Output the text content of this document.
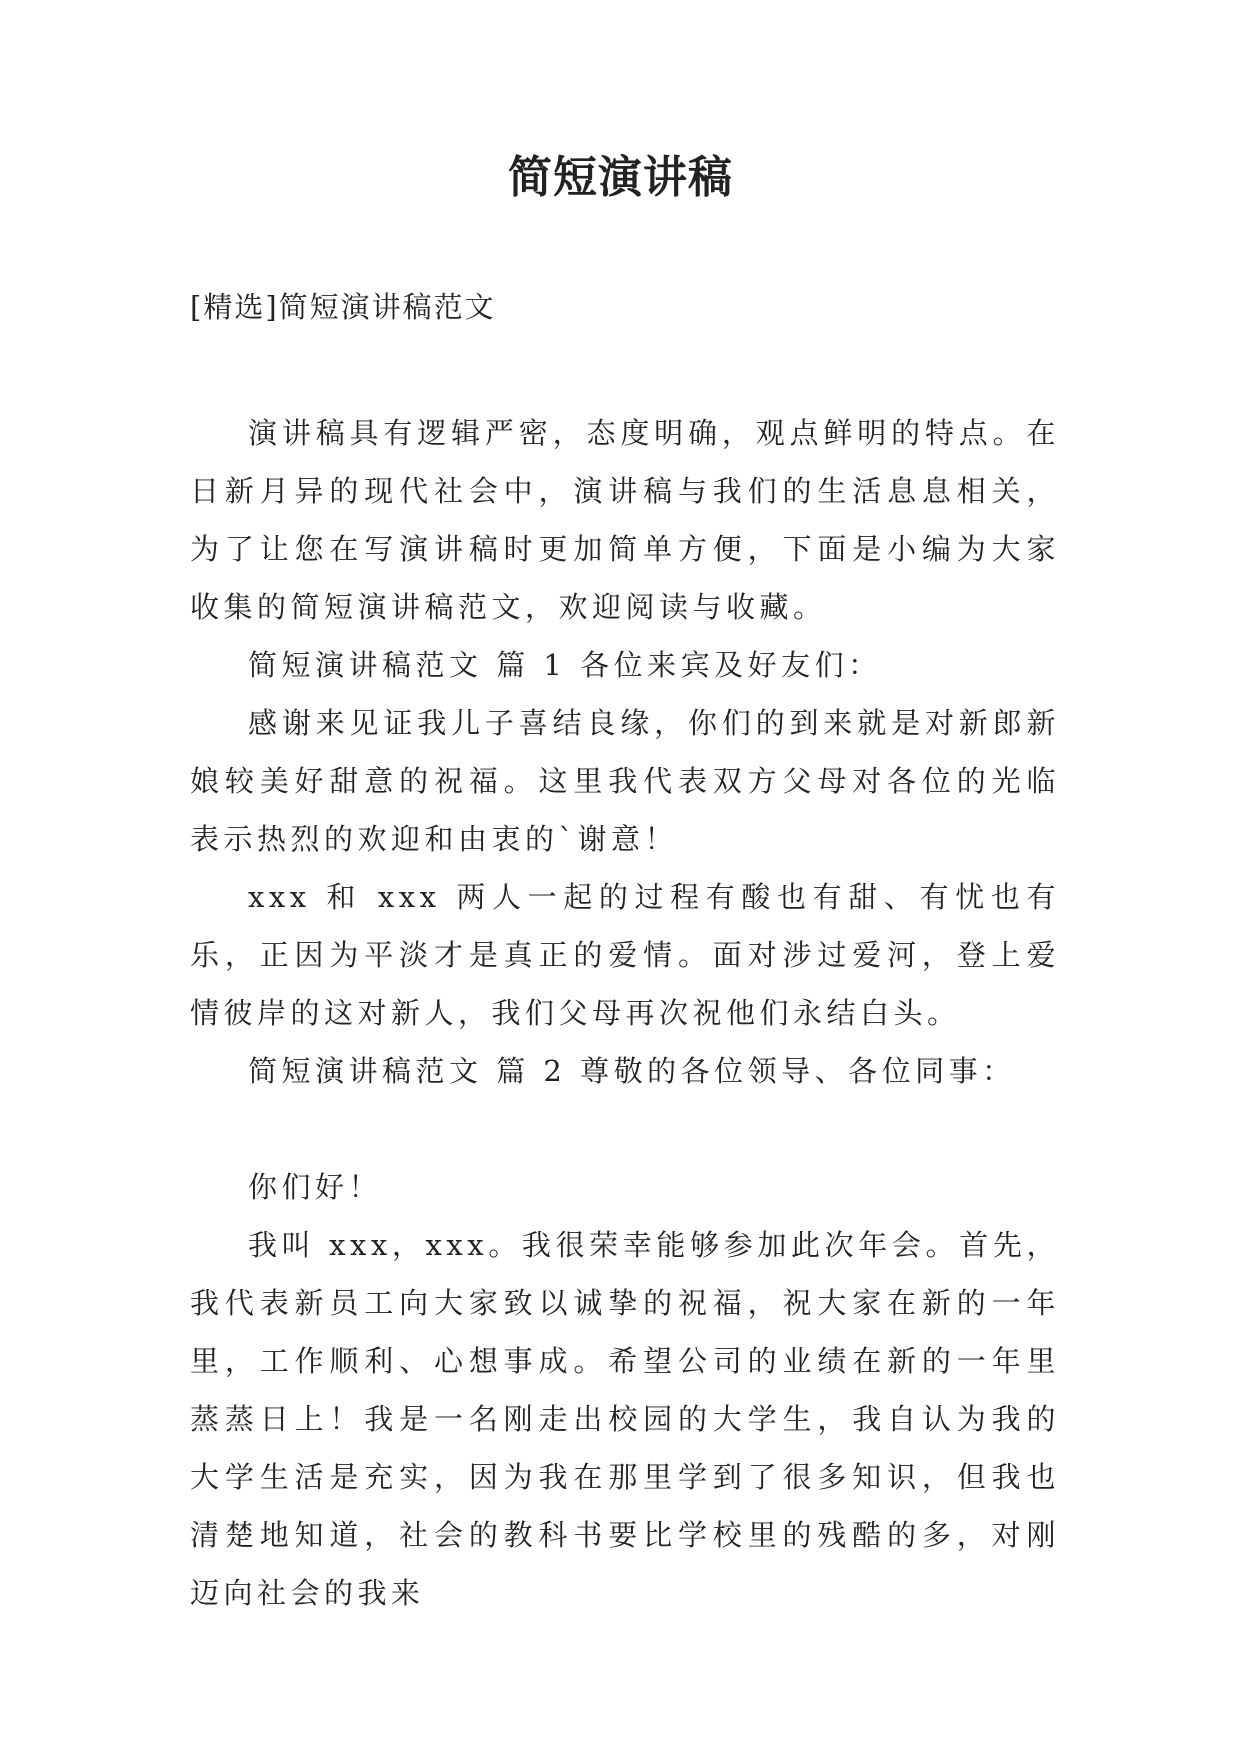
简短演讲稿
[精选]简短演讲稿范文

演讲稿具有逻辑严密，态度明确，观点鲜明的特点。在日新月异的现代社会中，演讲稿与我们的生活息息相关，为了让您在写演讲稿时更加简单方便，下面是小编为大家收集的简短演讲稿范文，欢迎阅读与收藏。

简短演讲稿范文 篇 1 各位来宾及好友们：

感谢来见证我儿子喜结良缘，你们的到来就是对新郎新娘较美好甜意的祝福。这里我代表双方父母对各位的光临表示热烈的欢迎和由衷的`谢意！

xxx 和 xxx 两人一起的过程有酸也有甜、有忧也有乐，正因为平淡才是真正的爱情。面对涉过爱河，登上爱情彼岸的这对新人，我们父母再次祝他们永结白头。

简短演讲稿范文 篇 2 尊敬的各位领导、各位同事：

你们好！

我叫 xxx，xxx。我很荣幸能够参加此次年会。首先，我代表新员工向大家致以诚挚的祝福，祝大家在新的一年里，工作顺利、心想事成。希望公司的业绩在新的一年里蒸蒸日上！我是一名刚走出校园的大学生，我自认为我的大学生活是充实，因为我在那里学到了很多知识，但我也清楚地知道，社会的教科书要比学校里的残酷的多，对刚迈向社会的我来
